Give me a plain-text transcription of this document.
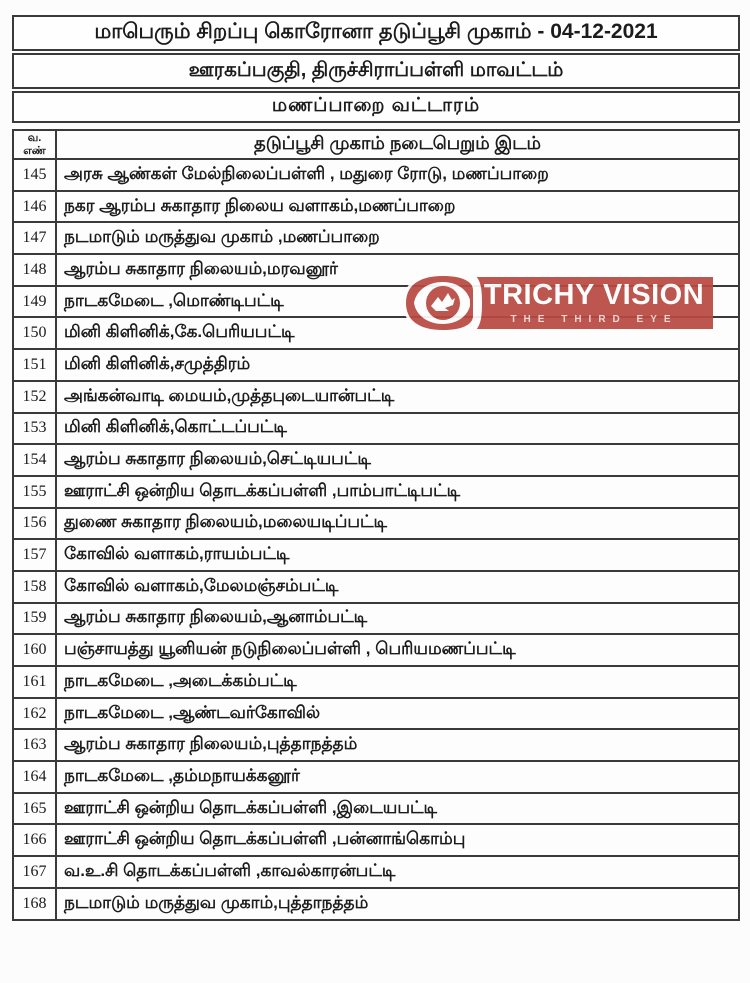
மாபெரும் சிறப்பு கொரோனா தடுப்பூசி முகாம் - 04-12-2021
ஊரகப்பகுதி, திருச்சிராப்பள்ளி மாவட்டம்
மணப்பாறை வட்டாரம்
வ.
எண்	தடுப்பூசி முகாம் நடைபெறும் இடம்
145	அரசு ஆண்கள் மேல்நிலைப்பள்ளி , மதுரை ரோடு, மணப்பாறை
146	நகர ஆரம்ப சுகாதார நிலைய வளாகம்,மணப்பாறை
147	நடமாடும் மருத்துவ முகாம் ,மணப்பாறை
148	ஆரம்ப சுகாதார நிலையம்,மரவனூர்
149	நாடகமேடை ,மொண்டிபட்டி
150	மினி கிளினிக்,கே.பெரியபட்டி
151	மினி கிளினிக்,சமுத்திரம்
152	அங்கன்வாடி மையம்,முத்தபுடையான்பட்டி
153	மினி கிளினிக்,கொட்டப்பட்டி
154	ஆரம்ப சுகாதார நிலையம்,செட்டியபட்டி
155	ஊராட்சி ஒன்றிய தொடக்கப்பள்ளி ,பாம்பாட்டிபட்டி
156	துணை சுகாதார நிலையம்,மலையடிப்பட்டி
157	கோவில் வளாகம்,ராயம்பட்டி
158	கோவில் வளாகம்,மேலமஞ்சம்பட்டி
159	ஆரம்ப சுகாதார நிலையம்,ஆனாம்பட்டி
160	பஞ்சாயத்து யூனியன் நடுநிலைப்பள்ளி , பெரியமணப்பட்டி
161	நாடகமேடை ,அடைக்கம்பட்டி
162	நாடகமேடை ,ஆண்டவர்கோவில்
163	ஆரம்ப சுகாதார நிலையம்,புத்தாநத்தம்
164	நாடகமேடை ,தம்மநாயக்கனூர்
165	ஊராட்சி ஒன்றிய தொடக்கப்பள்ளி ,இடையபட்டி
166	ஊராட்சி ஒன்றிய தொடக்கப்பள்ளி ,பன்னாங்கொம்பு
167	வ.உ.சி தொடக்கப்பள்ளி ,காவல்காரன்பட்டி
168	நடமாடும் மருத்துவ முகாம்,புத்தாநத்தம்
TRICHY VISION
THE THIRD EYE
